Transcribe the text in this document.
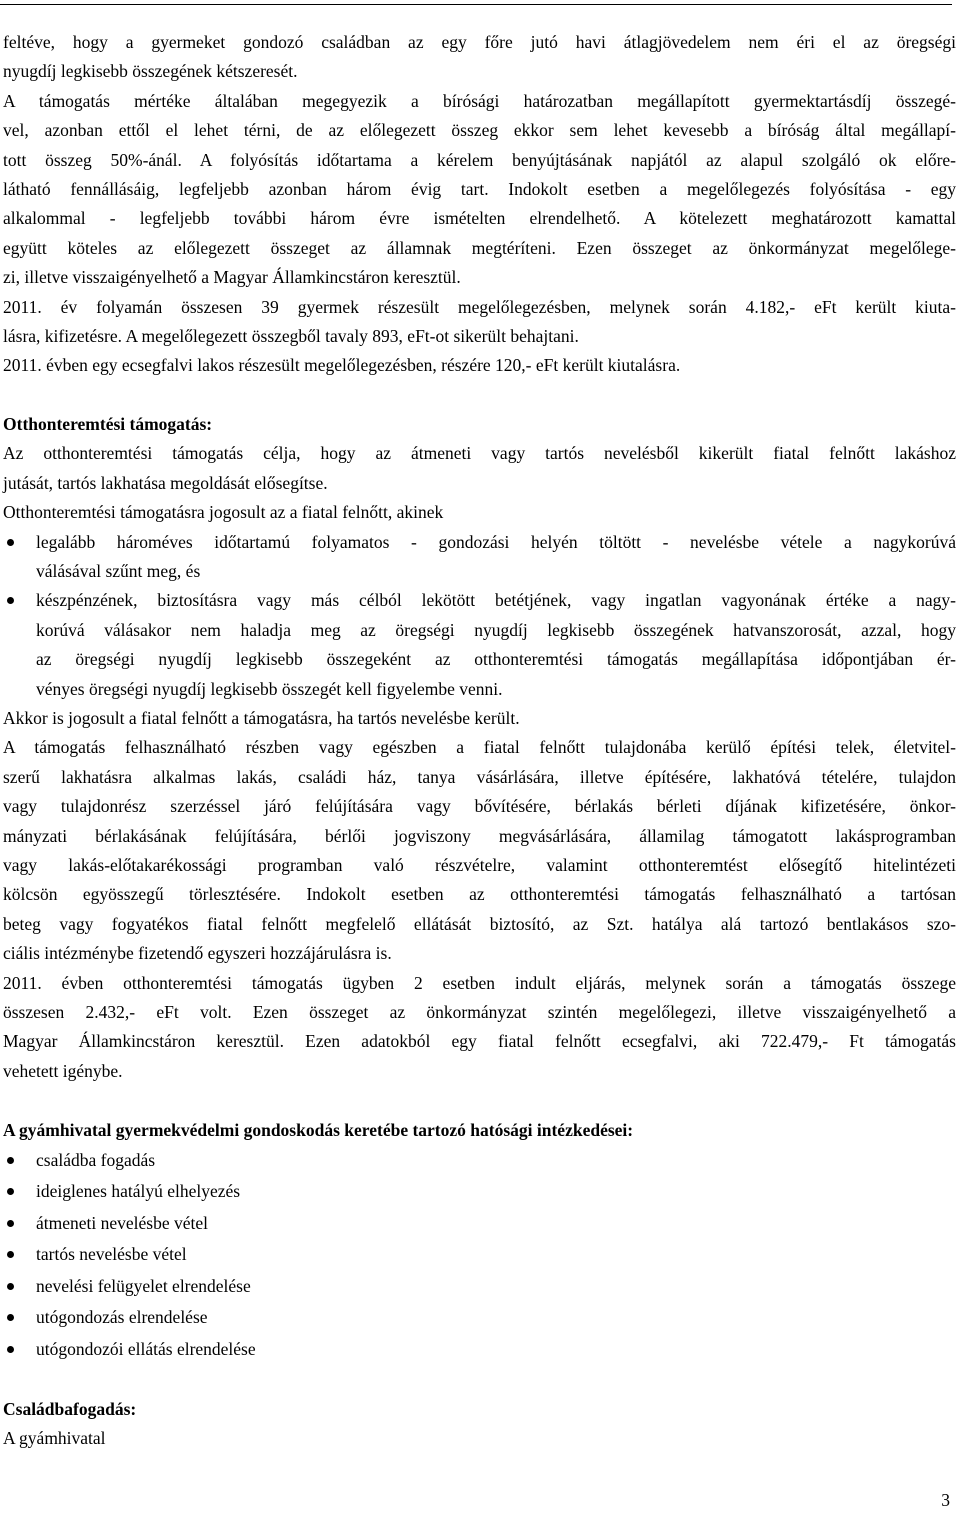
feltéve, hogy a gyermeket gondozó családban az egy főre jutó havi átlagjövedelem nem éri el az öregségi
nyugdíj legkisebb összegének kétszeresét.
A támogatás mértéke általában megegyezik a bírósági határozatban megállapított gyermektartásdíj összegé-
vel, azonban ettől el lehet térni, de az előlegezett összeg ekkor sem lehet kevesebb a bíróság által megállapí-
tott összeg 50%-ánál. A folyósítás időtartama a kérelem benyújtásának napjától az alapul szolgáló ok előre-
látható fennállásáig, legfeljebb azonban három évig tart. Indokolt esetben a megelőlegezés folyósítása - egy
alkalommal - legfeljebb további három évre ismételten elrendelhető. A kötelezett meghatározott kamattal
együtt köteles az előlegezett összeget az államnak megtéríteni. Ezen összeget az önkormányzat megelőlege-
zi, illetve visszaigényelhető a Magyar Államkincstáron keresztül.
2011. év folyamán összesen 39 gyermek részesült megelőlegezésben, melynek során 4.182,- eFt került kiuta-
lásra, kifizetésre. A megelőlegezett összegből tavaly 893, eFt-ot sikerült behajtani.
2011. évben egy ecsegfalvi lakos részesült megelőlegezésben, részére 120,- eFt került kiutalásra.

Otthonteremtési támogatás:

Az otthonteremtési támogatás célja, hogy az átmeneti vagy tartós nevelésből kikerült fiatal felnőtt lakáshoz
jutását, tartós lakhatása megoldását elősegítse.
Otthonteremtési támogatásra jogosult az a fiatal felnőtt, akinek
legalább hároméves időtartamú folyamatos - gondozási helyén töltött - nevelésbe vétele a nagykorúvá
válásával szűnt meg, és
készpénzének, biztosításra vagy más célból lekötött betétjének, vagy ingatlan vagyonának értéke a nagy-
korúvá válásakor nem haladja meg az öregségi nyugdíj legkisebb összegének hatvanszorosát, azzal, hogy
az öregségi nyugdíj legkisebb összegeként az otthonteremtési támogatás megállapítása időpontjában ér-
vényes öregségi nyugdíj legkisebb összegét kell figyelembe venni.
Akkor is jogosult a fiatal felnőtt a támogatásra, ha tartós nevelésbe került.
A támogatás felhasználható részben vagy egészben a fiatal felnőtt tulajdonába kerülő építési telek, életvitel-
szerű lakhatásra alkalmas lakás, családi ház, tanya vásárlására, illetve építésére, lakhatóvá tételére, tulajdon
vagy tulajdonrész szerzéssel járó felújítására vagy bővítésére, bérlakás bérleti díjának kifizetésére, önkor-
mányzati bérlakásának felújítására, bérlői jogviszony megvásárlására, államilag támogatott lakásprogramban
vagy lakás-előtakarékossági programban való részvételre, valamint otthonteremtést elősegítő hitelintézeti
kölcsön egyösszegű törlesztésére. Indokolt esetben az otthonteremtési támogatás felhasználható a tartósan
beteg vagy fogyatékos fiatal felnőtt megfelelő ellátását biztosító, az Szt. hatálya alá tartozó bentlakásos szo-
ciális intézménybe fizetendő egyszeri hozzájárulásra is.
2011. évben otthonteremtési támogatás ügyben 2 esetben indult eljárás, melynek során a támogatás összege
összesen 2.432,- eFt volt. Ezen összeget az önkormányzat szintén megelőlegezi, illetve visszaigényelhető a
Magyar Államkincstáron keresztül. Ezen adatokból egy fiatal felnőtt ecsegfalvi, aki 722.479,- Ft támogatás
vehetett igénybe.

A gyámhivatal gyermekvédelmi gondoskodás keretébe tartozó hatósági intézkedései:

családba fogadás
ideiglenes hatályú elhelyezés
átmeneti nevelésbe vétel
tartós nevelésbe vétel
nevelési felügyelet elrendelése
utógondozás elrendelése
utógondozói ellátás elrendelése

Családbafogadás:

A gyámhivatal
3
